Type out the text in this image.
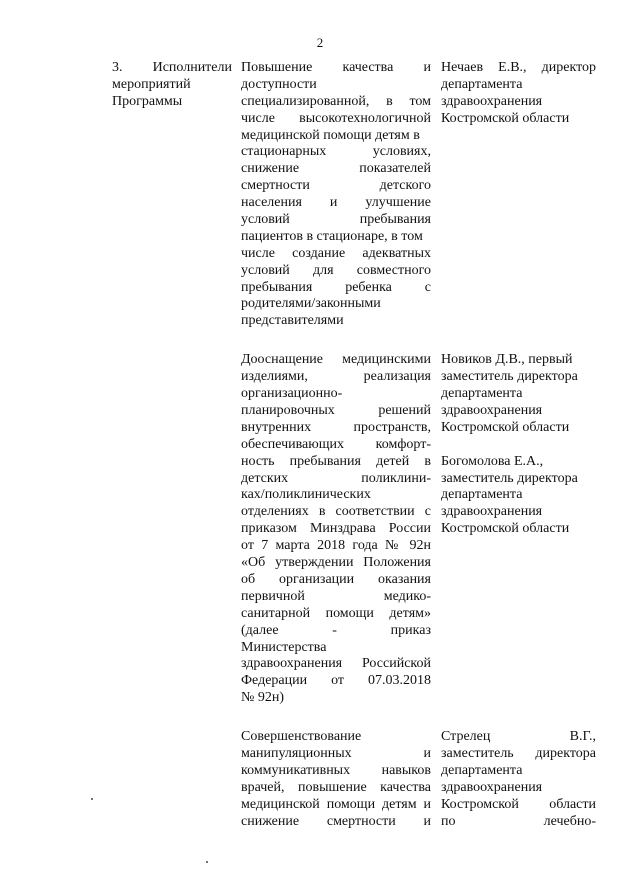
2
3. Исполнители
мероприятий
Программы
Повышение качества и
доступности
специализированной, в том
числе высокотехнологичной
медицинской помощи детям в
стационарных условиях,
снижение показателей
смертности детского
населения и улучшение
условий пребывания
пациентов в стационаре, в том
числе создание адекватных
условий для совместного
пребывания ребенка с
родителями/законными
представителями
Дооснащение медицинскими
изделиями, реализация
организационно-
планировочных решений
внутренних пространств,
обеспечивающих комфорт-
ность пребывания детей в
детских поликлини-
ках/поликлинических
отделениях в соответствии с
приказом Минздрава России
от 7 марта 2018 года № 92н
«Об утверждении Положения
об организации оказания
первичной медико-
санитарной помощи детям»
(далее - приказ
Министерства
здравоохранения Российской
Федерации от 07.03.2018
№ 92н)
Совершенствование
манипуляционных и
коммуникативных навыков
врачей, повышение качества
медицинской помощи детям и
снижение смертности и
Нечаев Е.В., директор
департамента
здравоохранения
Костромской области
Новиков Д.В., первый
заместитель директора
департамента
здравоохранения
Костромской области
Богомолова Е.А.,
заместитель директора
департамента
здравоохранения
Костромской области
Стрелец В.Г.,
заместитель директора
департамента
здравоохранения
Костромской области
по лечебно-
